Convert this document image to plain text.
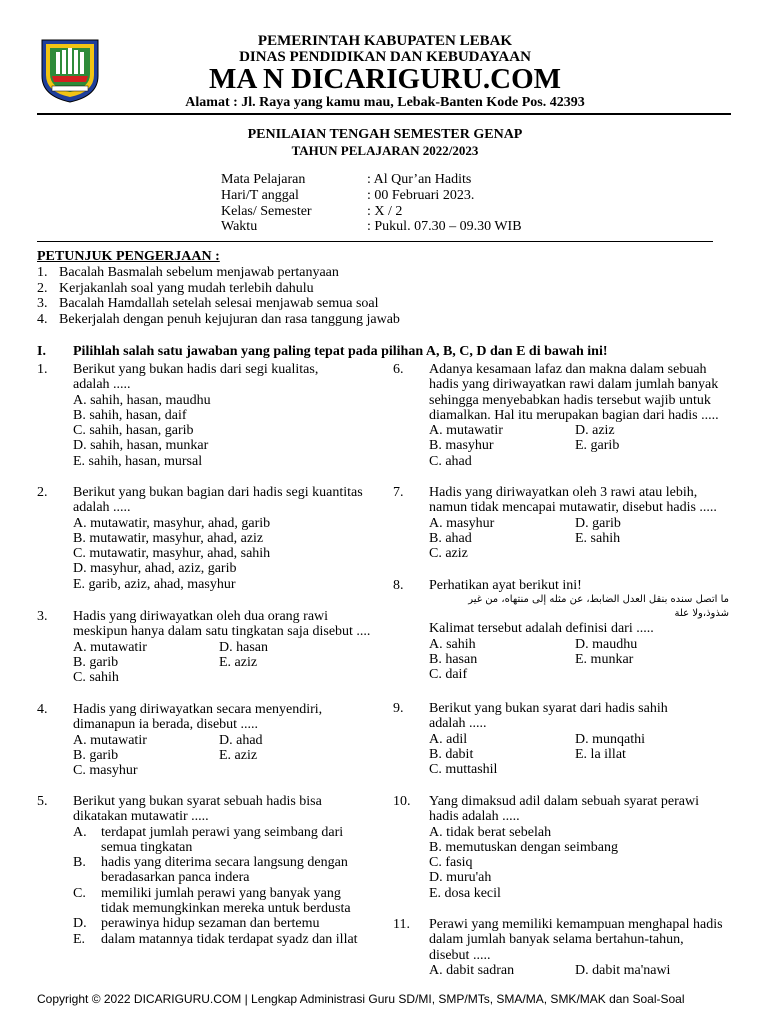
PEMERINTAH KABUPATEN LEBAK
DINAS PENDIDIKAN DAN KEBUDAYAAN
MA N DICARIGURU.COM
Alamat : Jl. Raya yang kamu mau, Lebak-Banten Kode Pos. 42393
PENILAIAN TENGAH SEMESTER GENAP
TAHUN PELAJARAN 2022/2023
Mata Pelajaran	: Al Qur’an Hadits
Hari/T anggal	: 00 Februari 2023.
Kelas/ Semester	: X / 2
Waktu	: Pukul. 07.30 – 09.30 WIB
PETUNJUK PENGERJAAN :
1. Bacalah Basmalah sebelum menjawab pertanyaan
2. Kerjakanlah soal yang mudah terlebih dahulu
3. Bacalah Hamdallah setelah selesai menjawab semua soal
4. Bekerjalah dengan penuh kejujuran dan rasa tanggung jawab
I. Pilihlah salah satu jawaban yang paling tepat pada pilihan A, B, C, D dan E di bawah ini!
1. Berikut yang bukan hadis dari segi kualitas,
adalah .....
A. sahih, hasan, maudhu
B. sahih, hasan, daif
C. sahih, hasan, garib
D. sahih, hasan, munkar
E. sahih, hasan, mursal
2. Berikut yang bukan bagian dari hadis segi kuantitas
adalah .....
A. mutawatir, masyhur, ahad, garib
B. mutawatir, masyhur, ahad, aziz
C. mutawatir, masyhur, ahad, sahih
D. masyhur, ahad, aziz, garib
E. garib, aziz, ahad, masyhur
3. Hadis yang diriwayatkan oleh dua orang rawi
meskipun hanya dalam satu tingkatan saja disebut ....
A. mutawatir	D. hasan
B. garib	E. aziz
C. sahih
4. Hadis yang diriwayatkan secara menyendiri,
dimanapun ia berada, disebut .....
A. mutawatir	D. ahad
B. garib	E. aziz
C. masyhur
5. Berikut yang bukan syarat sebuah hadis bisa
dikatakan mutawatir .....
A. terdapat jumlah perawi yang seimbang dari
semua tingkatan
B. hadis yang diterima secara langsung dengan
beradasarkan panca indera
C. memiliki jumlah perawi yang banyak yang
tidak memungkinkan mereka untuk berdusta
D. perawinya hidup sezaman dan bertemu
E. dalam matannya tidak terdapat syadz dan illat
6. Adanya kesamaan lafaz dan makna dalam sebuah
hadis yang diriwayatkan rawi dalam jumlah banyak
sehingga menyebabkan hadis tersebut wajib untuk
diamalkan. Hal itu merupakan bagian dari hadis .....
A. mutawatir	D. aziz
B. masyhur	E. garib
C. ahad
7. Hadis yang diriwayatkan oleh 3 rawi atau lebih,
namun tidak mencapai mutawatir, disebut hadis .....
A. masyhur	D. garib
B. ahad	E. sahih
C. aziz
8. Perhatikan ayat berikut ini!
ما اتصل سنده بنقل العدل الضابط، عن مثله إلى منتهاه، من غير
شذوذ،ولا علة
Kalimat tersebut adalah definisi dari .....
A. sahih	D. maudhu
B. hasan	E. munkar
C. daif
9. Berikut yang bukan syarat dari hadis sahih
adalah .....
A. adil	D. munqathi
B. dabit	E. la illat
C. muttashil
10. Yang dimaksud adil dalam sebuah syarat perawi
hadis adalah .....
A. tidak berat sebelah
B. memutuskan dengan seimbang
C. fasiq
D. muru'ah
E. dosa kecil
11. Perawi yang memiliki kemampuan menghapal hadis
dalam jumlah banyak selama bertahun-tahun,
disebut .....
A. dabit sadran	D. dabit ma'nawi
Copyright © 2022 DICARIGURU.COM | Lengkap Administrasi Guru SD/MI, SMP/MTs, SMA/MA, SMK/MAK dan Soal-Soal
